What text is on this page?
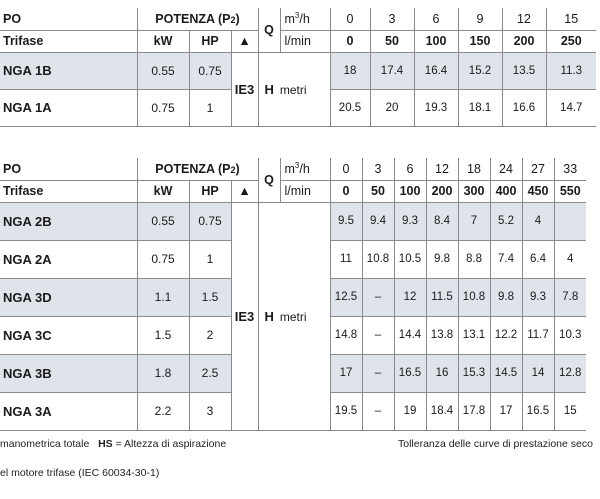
PO	POTENZA (P2)			Q	$m^3/h$	0	3	6	9	12	15
Trifase	kW	HP	▲		l/min	0	50	100	150	200	250
NGA 1B	0.55	0.75	IE3	H metri		18	17.4	16.4	15.2	13.5	11.3
NGA 1A	0.75	1				20.5	20	19.3	18.1	16.6	14.7
PO	POTENZA (P2)			Q	$m^3/h$	0	3	6	12	18	24	27	33
Trifase	kW	HP	▲		l/min	0	50	100	200	300	400	450	550
NGA 2B	0.55	0.75	IE3	H metri		9.5	9.4	9.3	8.4	7	5.2	4	
NGA 2A	0.75	1				11	10.8	10.5	9.8	8.8	7.4	6.4	4
NGA 3D	1.1	1.5				12.5	–	12	11.5	10.8	9.8	9.3	7.8
NGA 3C	1.5	2				14.8	–	14.4	13.8	13.1	12.2	11.7	10.3
NGA 3B	1.8	2.5				17	–	16.5	16	15.3	14.5	14	12.8
NGA 3A	2.2	3				19.5	–	19	18.4	17.8	17	16.5	15
manometrica totale HS = Altezza di aspirazione	Tolleranza delle curve di prestazione seco
el motore trifase (IEC 60034-30-1)
